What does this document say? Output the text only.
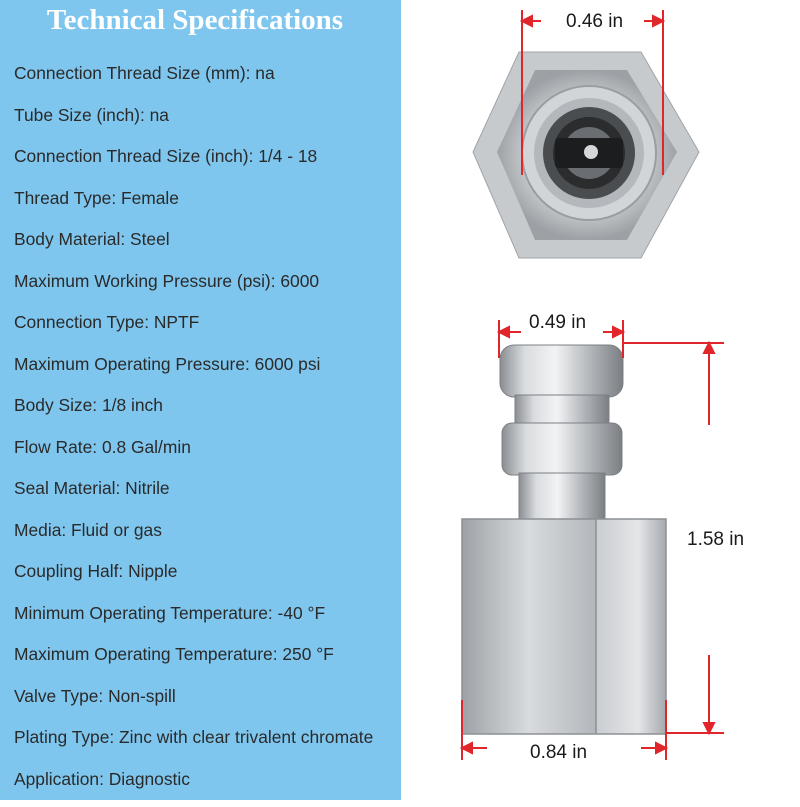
Technical Specifications
Connection Thread Size (mm): na
Tube Size (inch): na
Connection Thread Size (inch): 1/4 - 18
Thread Type: Female
Body Material: Steel
Maximum Working Pressure (psi): 6000
Connection Type: NPTF
Maximum Operating Pressure: 6000 psi
Body Size: 1/8 inch
Flow Rate: 0.8 Gal/min
Seal Material: Nitrile
Media: Fluid or gas
Coupling Half: Nipple
Minimum Operating Temperature: -40 °F
Maximum Operating Temperature: 250 °F
Valve Type: Non-spill
Plating Type: Zinc with clear trivalent chromate
Application: Diagnostic
0.46 in
0.49 in
1.58 in
0.84 in
